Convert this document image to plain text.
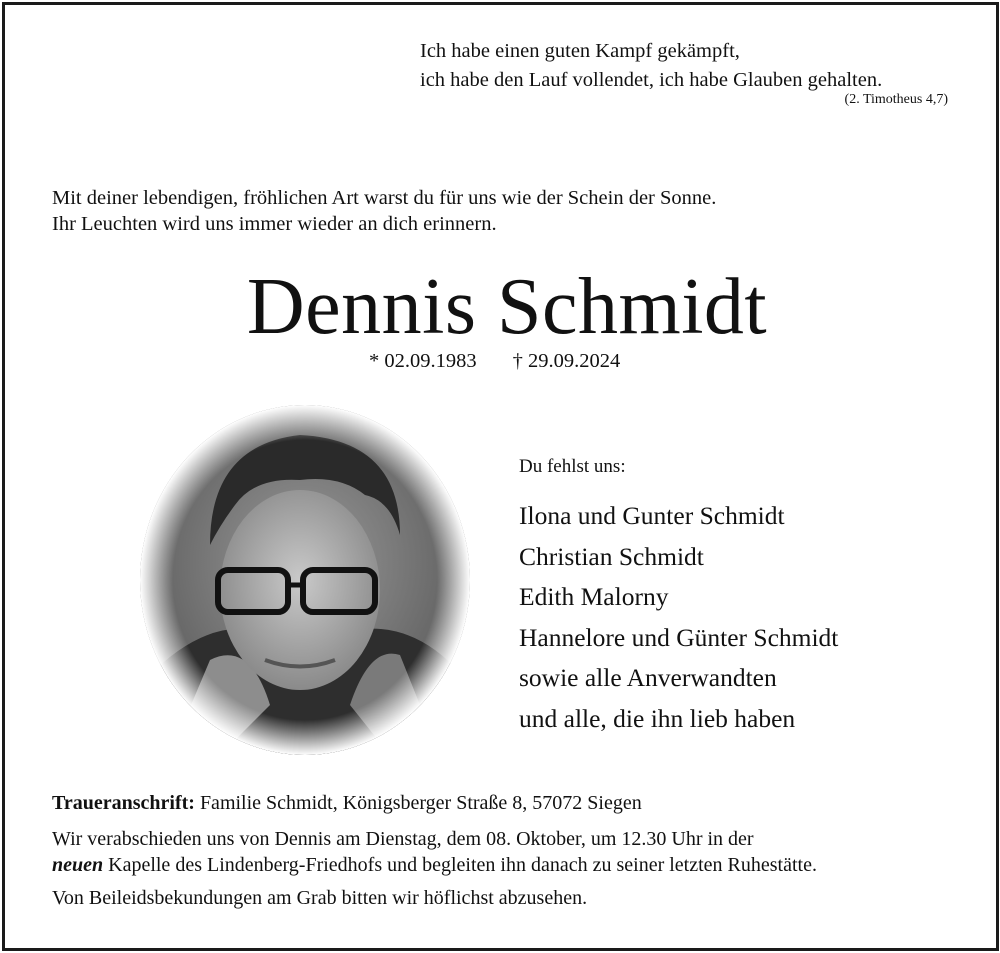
Ich habe einen guten Kampf gekämpft,
ich habe den Lauf vollendet, ich habe Glauben gehalten.
(2. Timotheus 4,7)
Mit deiner lebendigen, fröhlichen Art warst du für uns wie der Schein der Sonne.
Ihr Leuchten wird uns immer wieder an dich erinnern.
Dennis Schmidt
* 02.09.1983 † 29.09.2024
Du fehlst uns:
Ilona und Gunter Schmidt
Christian Schmidt
Edith Malorny
Hannelore und Günter Schmidt
sowie alle Anverwandten
und alle, die ihn lieb haben
Traueranschrift: Familie Schmidt, Königsberger Straße 8, 57072 Siegen
Wir verabschieden uns von Dennis am Dienstag, dem 08. Oktober, um 12.30 Uhr in der
neuen Kapelle des Lindenberg-Friedhofs und begleiten ihn danach zu seiner letzten Ruhestätte.
Von Beileidsbekundungen am Grab bitten wir höflichst abzusehen.
